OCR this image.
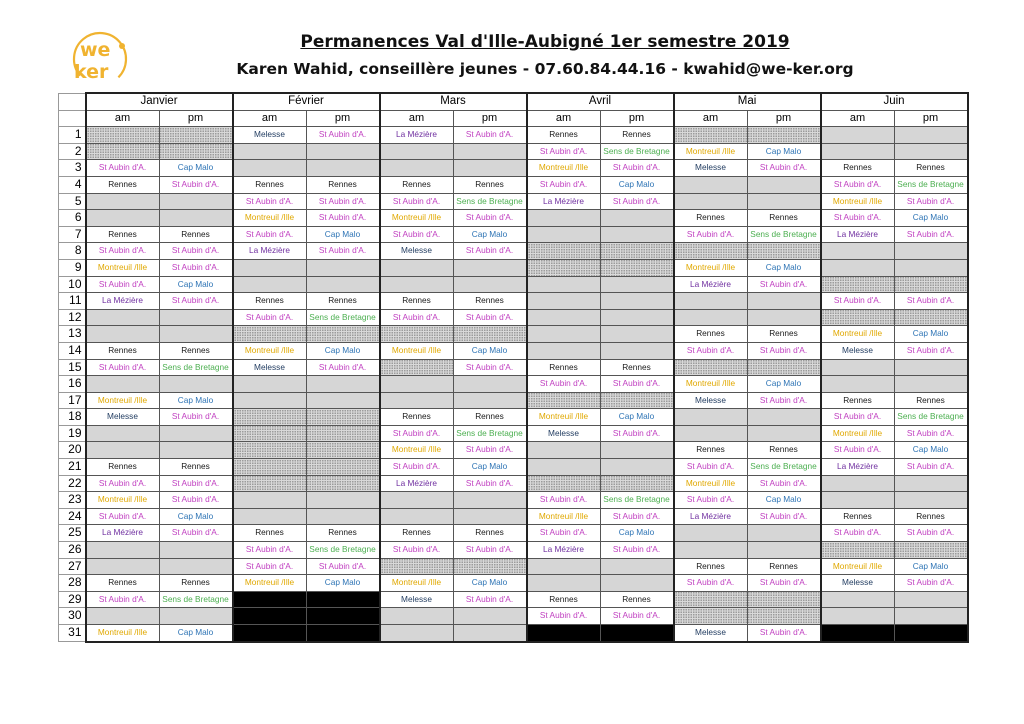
we
ker
Permanences Val d'Ille-Aubigné 1er semestre 2019
Karen Wahid, conseillère jeunes - 07.60.84.44.16 - kwahid@we-ker.org
	Janvier		Février		Mars		Avril		Mai		Juin	
	am	pm	am	pm	am	pm	am	pm	am	pm	am	pm
1			Melesse	St Aubin d'A.	La Mézière	St Aubin d'A.	Rennes	Rennes				
2							St Aubin d'A.	Sens de Bretagne	Montreuil /Ille	Cap Malo		
3	St Aubin d'A.	Cap Malo					Montreuil /Ille	St Aubin d'A.	Melesse	St Aubin d'A.	Rennes	Rennes
4	Rennes	St Aubin d'A.	Rennes	Rennes	Rennes	Rennes	St Aubin d'A.	Cap Malo			St Aubin d'A.	Sens de Bretagne
5			St Aubin d'A.	St Aubin d'A.	St Aubin d'A.	Sens de Bretagne	La Mézière	St Aubin d'A.			Montreuil /Ille	St Aubin d'A.
6			Montreuil /Ille	St Aubin d'A.	Montreuil /Ille	St Aubin d'A.			Rennes	Rennes	St Aubin d'A.	Cap Malo
7	Rennes	Rennes	St Aubin d'A.	Cap Malo	St Aubin d'A.	Cap Malo			St Aubin d'A.	Sens de Bretagne	La Mézière	St Aubin d'A.
8	St Aubin d'A.	St Aubin d'A.	La Mézière	St Aubin d'A.	Melesse	St Aubin d'A.						
9	Montreuil /Ille	St Aubin d'A.							Montreuil /Ille	Cap Malo		
10	St Aubin d'A.	Cap Malo							La Mézière	St Aubin d'A.		
11	La Mézière	St Aubin d'A.	Rennes	Rennes	Rennes	Rennes					St Aubin d'A.	St Aubin d'A.
12			St Aubin d'A.	Sens de Bretagne	St Aubin d'A.	St Aubin d'A.						
13									Rennes	Rennes	Montreuil /Ille	Cap Malo
14	Rennes	Rennes	Montreuil /Ille	Cap Malo	Montreuil /Ille	Cap Malo			St Aubin d'A.	St Aubin d'A.	Melesse	St Aubin d'A.
15	St Aubin d'A.	Sens de Bretagne	Melesse	St Aubin d'A.		St Aubin d'A.	Rennes	Rennes				
16							St Aubin d'A.	St Aubin d'A.	Montreuil /Ille	Cap Malo		
17	Montreuil /Ille	Cap Malo							Melesse	St Aubin d'A.	Rennes	Rennes
18	Melesse	St Aubin d'A.			Rennes	Rennes	Montreuil /Ille	Cap Malo			St Aubin d'A.	Sens de Bretagne
19					St Aubin d'A.	Sens de Bretagne	Melesse	St Aubin d'A.			Montreuil /Ille	St Aubin d'A.
20					Montreuil /Ille	St Aubin d'A.			Rennes	Rennes	St Aubin d'A.	Cap Malo
21	Rennes	Rennes			St Aubin d'A.	Cap Malo			St Aubin d'A.	Sens de Bretagne	La Mézière	St Aubin d'A.
22	St Aubin d'A.	St Aubin d'A.			La Mézière	St Aubin d'A.			Montreuil /Ille	St Aubin d'A.		
23	Montreuil /Ille	St Aubin d'A.					St Aubin d'A.	Sens de Bretagne	St Aubin d'A.	Cap Malo		
24	St Aubin d'A.	Cap Malo					Montreuil /Ille	St Aubin d'A.	La Mézière	St Aubin d'A.	Rennes	Rennes
25	La Mézière	St Aubin d'A.	Rennes	Rennes	Rennes	Rennes	St Aubin d'A.	Cap Malo			St Aubin d'A.	St Aubin d'A.
26			St Aubin d'A.	Sens de Bretagne	St Aubin d'A.	St Aubin d'A.	La Mézière	St Aubin d'A.				
27			St Aubin d'A.	St Aubin d'A.					Rennes	Rennes	Montreuil /Ille	Cap Malo
28	Rennes	Rennes	Montreuil /Ille	Cap Malo	Montreuil /Ille	Cap Malo			St Aubin d'A.	St Aubin d'A.	Melesse	St Aubin d'A.
29	St Aubin d'A.	Sens de Bretagne			Melesse	St Aubin d'A.	Rennes	Rennes				
30							St Aubin d'A.	St Aubin d'A.				
31	Montreuil /Ille	Cap Malo							Melesse	St Aubin d'A.		
